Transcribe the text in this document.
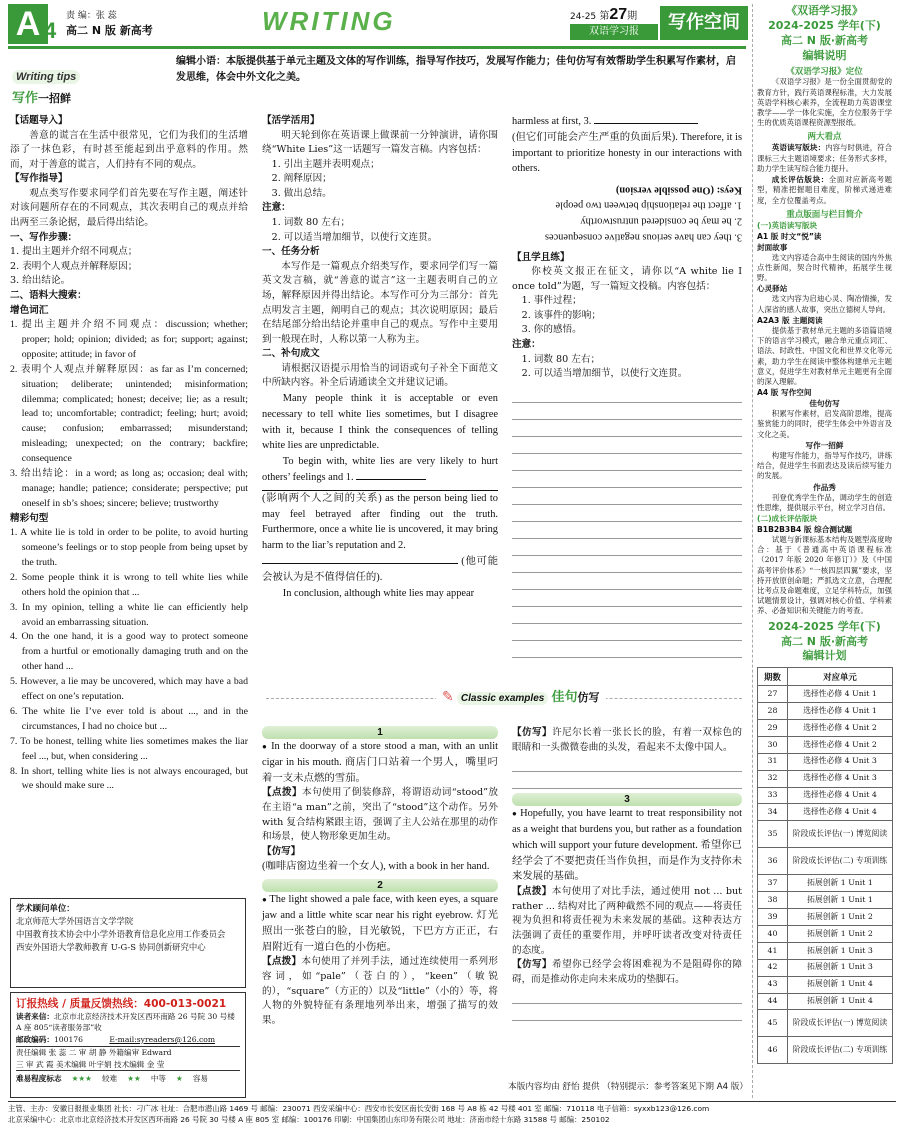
A 4
责 编：张 蕊
高二 N 版 新高考	WRITING	24-25 第27期
双语学习报	写作空间
编辑小语：本版提供基于单元主题及文体的写作训练，指导写作技巧，发展写作能力；佳句仿写有效帮助学生积累写作素材，启发思维，体会中外文化之美。
Writing tips
写作一招鲜

【话题导入】

善意的谎言在生活中很常见，它们为我们的生活增添了一抹色彩，有时甚至能起到出乎意料的作用。然而，对于善意的谎言，人们持有不同的观点。

【写作指导】

观点类写作要求同学们首先要在写作主题，阐述针对该问题所存在的不同观点，其次表明自己的观点并给出两至三条论据，最后得出结论。

一、写作步骤：

1. 提出主题并介绍不同观点；

2. 表明个人观点并解释原因；

3. 给出结论。

二、语料大搜索：

增色词汇

1. 提出主题并介绍不同观点：discussion; whether; proper; hold; opinion; divided; as for; support; against; opposite; attitude; in favor of

2. 表明个人观点并解释原因：as far as I’m concerned; situation; deliberate; unintended; misinformation; dilemma; complicated; honest; deceive; lie; as a result; lead to; uncomfortable; contradict; feeling; hurt; avoid; cause; confusion; embarrassed; misunderstand; misleading; unexpected; on the contrary; backfire; consequence

3. 给出结论：in a word; as long as; occasion; deal with; manage; handle; patience; considerate; perspective; put oneself in sb’s shoes; sincere; believe; trustworthy

精彩句型

1. A white lie is told in order to be polite, to avoid hurting someone’s feelings or to stop people from being upset by the truth.

2. Some people think it is wrong to tell white lies while others hold the opinion that ...

3. In my opinion, telling a white lie can efficiently help avoid an embarrassing situation.

4. On the one hand, it is a good way to protect someone from a hurtful or emotionally damaging truth and on the other hand ...

5. However, a lie may be uncovered, which may have a bad effect on one’s reputation.

6. The white lie I’ve ever told is about ..., and in the circumstances, I had no choice but ...

7. To be honest, telling white lies sometimes makes the liar feel ..., but, when considering ...

8. In short, telling white lies is not always encouraged, but we should make sure ...

学术顾问单位：
北京师范大学外国语言文学学院
中国教育技术协会中小学外语教育信息化应用工作委员会
西安外国语大学教师教育 U-G-S 协同创新研究中心
订报热线 / 质量反馈热线：400-013-0021
读者来信：北京市北京经济技术开发区西环南路 26 号院 30 号楼 A 座 805“读者服务部”收
邮政编码：100176	E-mail:syreaders@126.com
责任编辑 张 蕊 二 审 胡 静 外籍编审 Edward
三 审 武 霞 美术编辑 叶宇娟 技术编辑 金 莹
难易程度标志 ★★★ 较难 ★★ 中等 ★ 容易

【活学活用】

明天轮到你在英语课上做课前一分钟演讲，请你围绕“White Lies”这一话题写一篇发言稿。内容包括：

1. 引出主题并表明观点；

2. 阐释原因；

3. 做出总结。

注意：

1. 词数 80 左右；

2. 可以适当增加细节，以使行文连贯。

一、任务分析

本写作是一篇观点介绍类写作，要求同学们写一篇英文发言稿，就“善意的谎言”这一主题表明自己的立场，解释原因并得出结论。本写作可分为三部分：首先点明发言主题，阐明自己的观点；其次说明原因；最后在结尾部分给出结论并重申自己的观点。写作中主要用到一般现在时，人称以第一人称为主。

二、补句成文

请根据汉语提示用恰当的词语或句子补全下面范文中所缺内容。补全后请通读全文并建议记诵。

Many people think it is acceptable or even necessary to tell white lies sometimes, but I disagree with it, because I think the consequences of telling white lies are unpredictable.

To begin with, white lies are very likely to hurt others’ feelings and 1.

(影响两个人之间的关系) as the person being lied to may feel betrayed after finding out the truth. Furthermore, once a white lie is uncovered, it may bring harm to the liar’s reputation and 2.

(他可能会被认为是不值得信任的).

In conclusion, although white lies may appear

harmless at first, 3.

(但它们可能会产生严重的负面后果). Therefore, it is important to prioritize honesty in our interactions with others.

3. they can have serious negative consequences

2. he may be considered untrustworthy

1. affect the relationship between two people

Keys: (One possible version)

【且学且练】

你校英文报正在征文，请你以“A white lie I once told”为题，写一篇短文投稿。内容包括：

1. 事件过程；

2. 该事件的影响；

3. 你的感悟。

注意：

1. 词数 80 左右；

2. 可以适当增加细节，以使行文连贯。

✎ Classic examples 佳句仿写
1

● In the doorway of a store stood a man, with an unlit cigar in his mouth. 商店门口站着一个男人，嘴里叼着一支未点燃的雪茄。

【点拨】本句使用了倒装修辞，将谓语动词“stood”放在主语“a man”之前，突出了“stood”这个动作。另外 with 复合结构紧跟主语，强调了主人公站在那里的动作和场景，使人物形象更加生动。

【仿写】

(咖啡店窗边坐着一个女人), with a book in her hand.

2

● The light showed a pale face, with keen eyes, a square jaw and a little white scar near his right eyebrow. 灯光照出一张苍白的脸，目光敏锐，下巴方方正正，右眉附近有一道白色的小伤疤。

【点拨】本句使用了并列手法，通过连续使用一系列形容词，如“pale”（苍白的），“keen”（敏锐的），“square”（方正的）以及“little”（小的）等，将人物的外貌特征有条理地列举出来，增强了描写的效果。

【仿写】许尼尔长着一张长长的脸，有着一双棕色的眼睛和一头微微卷曲的头发，看起来不太像中国人。

3

● Hopefully, you have learnt to treat responsibility not as a weight that burdens you, but rather as a foundation which will support your future development. 希望你已经学会了不要把责任当作负担，而是作为支持你未来发展的基础。

【点拨】本句使用了对比手法，通过使用 not ... but rather ... 结构对比了两种截然不同的观点——将责任视为负担和将责任视为未来发展的基础。这种表达方法强调了责任的重要作用，并呼吁读者改变对待责任的态度。

【仿写】希望你已经学会将困难视为不是阻碍你的障碍，而是推动你走向未来成功的垫脚石。

本版内容均由 舒怡 提供 （特别提示：参考答案见下期 A4 版）
《双语学习报》
2024-2025 学年(下)
高二 N 版·新高考
编辑说明
《双语学习报》定位
《双语学习报》是一份全面贯彻党的教育方针，践行英语课程标准，大力发展英语学科核心素养，全流程助力英语课堂教学——学一体化实施，全方位服务于学生的优质英语课程资源型报纸。
两大看点
英语读写版块：内容与时俱进，符合课标三大主题语境要求；任务形式多样，助力学生读写综合能力提升。
成长评估版块：全面对应新高考题型，精准把握题目难度，阶梯式递进难度，全方位覆盖考点。
重点版面与栏目简介
(一)英语读写版块
A1 版 时文“悦”读
封面故事
选文内容适合高中生阅读的国内外焦点性新闻，契合时代精神，拓展学生视野。
心灵驿站
选文内容为启迪心灵、陶冶情操，发人深省的感人故事，突出立德树人导向。
A2A3 版 主题阅读
提供基于教材单元主题的多语篇语境下的语言学习模式，融合单元重点词汇、语法、时政性、中国文化和世界文化等元素，助力学生在阅读中整体构建单元主题意义，促进学生对教材单元主题更有全面的深入理解。
A4 版 写作空间
佳句仿写
积累写作素材，启发高阶思维，提高鉴赏能力的同时，使学生体会中外语言及文化之美。
写作一招鲜
构建写作能力，指导写作技巧，讲练结合，促进学生书面表达及读后续写能力的发展。
作品秀
刊登优秀学生作品，调动学生的创造性思维，提供展示平台，树立学习自信。
(二)成长评估版块
B1B2B3B4 版 综合测试题
试题与新课标基本结构及题型高度吻合：基于《普通高中英语课程标准（2017 年版 2020 年修订）》及《中国高考评价体系》“一核四层四翼”要求，坚持开放原创命题；严抓选文立意，合理配比考点及命题难度，立足学科特点，加强试题情景设计，强调对核心价值、学科素养、必备知识和关键能力的考查。
2024-2025 学年(下)
高二 N 版·新高考
编辑计划
期数	对应单元
27	选择性必修 4 Unit 1
28	选择性必修 4 Unit 1
29	选择性必修 4 Unit 2
30	选择性必修 4 Unit 2
31	选择性必修 4 Unit 3
32	选择性必修 4 Unit 3
33	选择性必修 4 Unit 4
34	选择性必修 4 Unit 4
35	阶段成长评估(一) 博览阅读
36	阶段成长评估(二) 专项训练
37	拓展创新 1 Unit 1
38	拓展创新 1 Unit 1
39	拓展创新 1 Unit 2
40	拓展创新 1 Unit 2
41	拓展创新 1 Unit 3
42	拓展创新 1 Unit 3
43	拓展创新 1 Unit 4
44	拓展创新 1 Unit 4
45	阶段成长评估(一) 博览阅读
46	阶段成长评估(二) 专项训练
主管、主办：安徽日报报业集团 社长：刁广冰 社址：合肥市潜山路 1469 号 邮编：230071 西安采编中心：西安市长安区南长安街 168 号 A8 栋 42 号楼 401 室 邮编：710118 电子信箱：syxxb123@126.com
北京采编中心：北京市北京经济技术开发区西环南路 26 号院 30 号楼 A 座 805 室 邮编：100176 印刷：中国集团山东印务有限公司 地址：济南市经十东路 31588 号 邮编：250102
